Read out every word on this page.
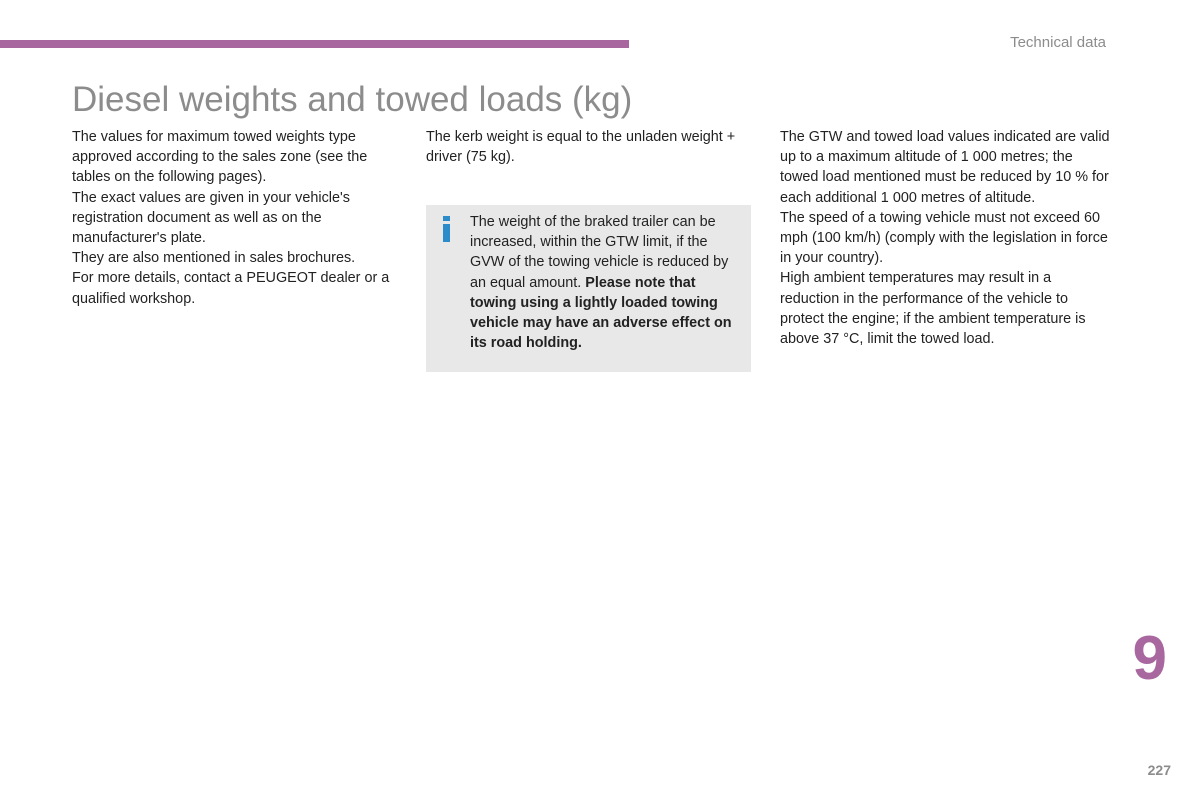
Technical data
Diesel weights and towed loads (kg)

The values for maximum towed weights type approved according to the sales zone (see the tables on the following pages).

The exact values are given in your vehicle's registration document as well as on the manufacturer's plate.

They are also mentioned in sales brochures.

For more details, contact a PEUGEOT dealer or a qualified workshop.

The kerb weight is equal to the unladen weight + driver (75 kg).

The weight of the braked trailer can be increased, within the GTW limit, if the GVW of the towing vehicle is reduced by an equal amount. Please note that towing using a lightly loaded towing vehicle may have an adverse effect on its road holding.

The GTW and towed load values indicated are valid up to a maximum altitude of 1 000 metres; the towed load mentioned must be reduced by 10 % for each additional 1 000 metres of altitude.

The speed of a towing vehicle must not exceed 60 mph (100 km/h) (comply with the legislation in force in your country).

High ambient temperatures may result in a reduction in the performance of the vehicle to protect the engine; if the ambient temperature is above 37 °C, limit the towed load.

9
227
